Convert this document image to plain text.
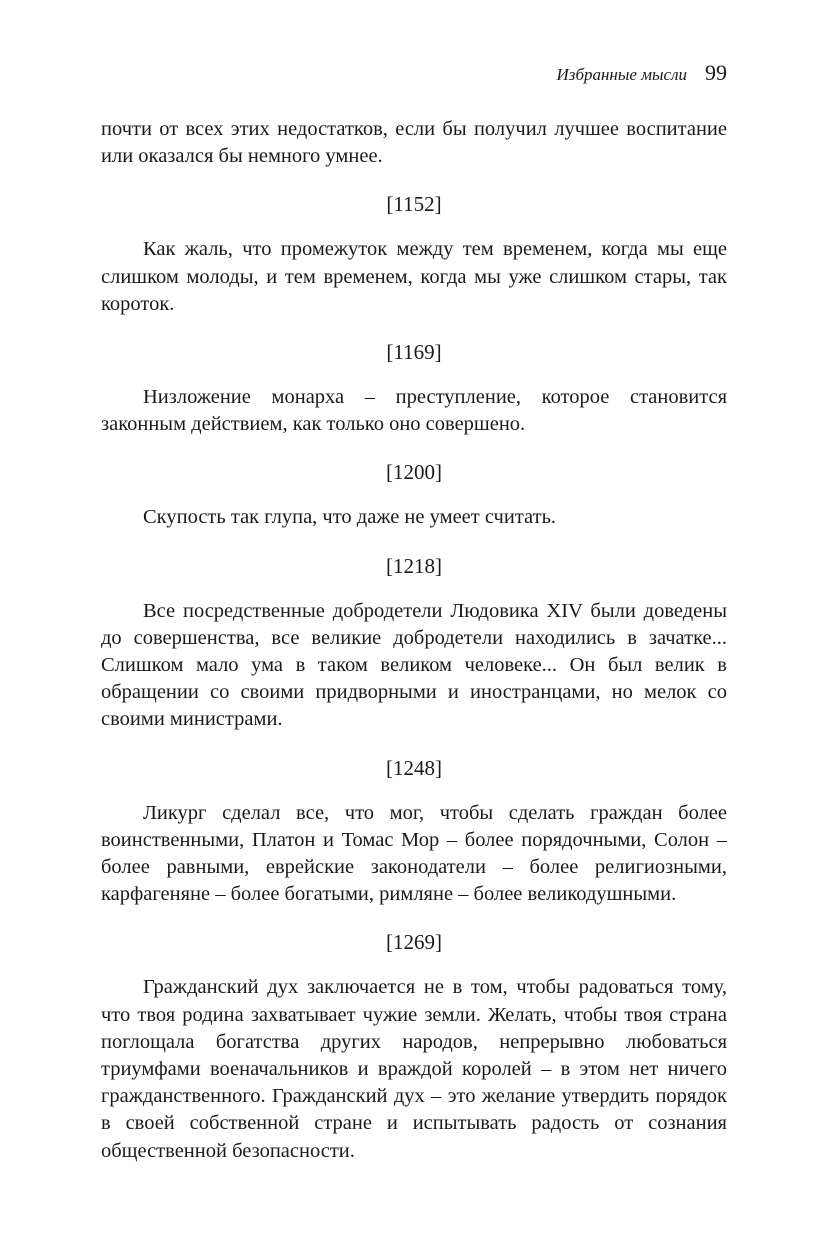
Избранные мысли 99

почти от всех этих недостатков, если бы получил лучшее воспитание или оказался бы немного умнее.

[1152]

Как жаль, что промежуток между тем временем, когда мы еще слишком молоды, и тем временем, когда мы уже слишком стары, так короток.

[1169]

Низложение монарха – преступление, которое становится законным действием, как только оно совершено.

[1200]

Скупость так глупа, что даже не умеет считать.

[1218]

Все посредственные добродетели Людовика XIV были доведены до совершенства, все великие добродетели находились в зачатке... Слишком мало ума в таком великом человеке... Он был велик в обращении со своими придворными и иностранцами, но мелок со своими министрами.

[1248]

Ликург сделал все, что мог, чтобы сделать граждан более воинственными, Платон и Томас Мор – более порядочными, Солон – более равными, еврейские законодатели – более религиозными, карфагеняне – более богатыми, римляне – более великодушными.

[1269]

Гражданский дух заключается не в том, чтобы радоваться тому, что твоя родина захватывает чужие земли. Желать, чтобы твоя страна поглощала богатства других народов, непрерывно любоваться триумфами военачальников и враждой королей – в этом нет ничего гражданственного. Гражданский дух – это желание утвердить порядок в своей собственной стране и испытывать радость от сознания общественной безопасности.
